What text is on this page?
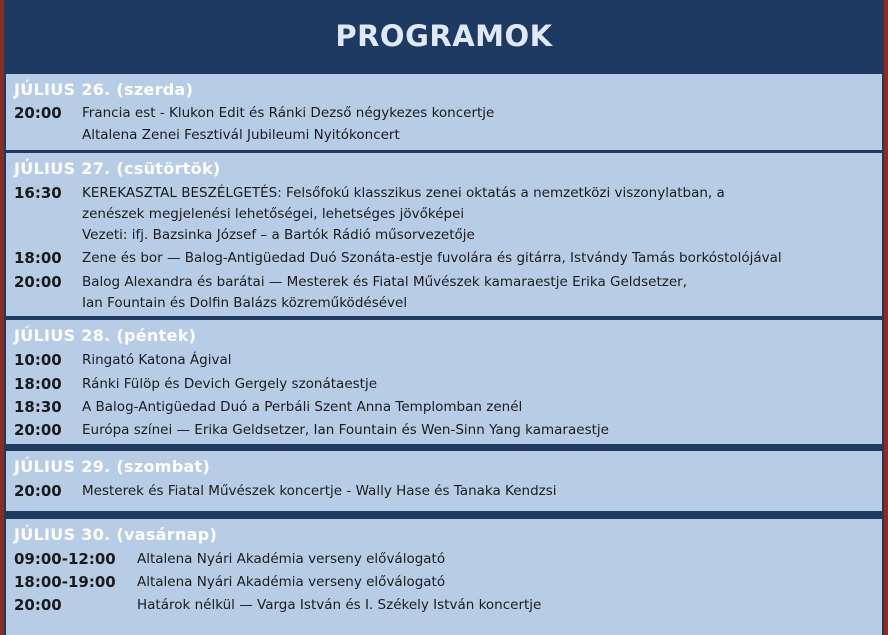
PROGRAMOK
JÚLIUS 26. (szerda)
20:00 Francia est - Klukon Edit és Ránki Dezső négykezes koncertje
Altalena Zenei Fesztivál Jubileumi Nyitókoncert
JÚLIUS 27. (csütörtök)
16:30 KEREKASZTAL BESZÉLGETÉS: Felsőfokú klasszikus zenei oktatás a nemzetközi viszonylatban, a
zenészek megjelenési lehetőségei, lehetséges jövőképei
Vezeti: ifj. Bazsinka József – a Bartók Rádió műsorvezetője
18:00 Zene és bor — Balog-Antigüedad Duó Szonáta-estje fuvolára és gitárra, Istvándy Tamás borkóstolójával
20:00 Balog Alexandra és barátai — Mesterek és Fiatal Művészek kamaraestje Erika Geldsetzer,
Ian Fountain és Dolfin Balázs közreműködésével
JÚLIUS 28. (péntek)
10:00 Ringató Katona Ágival
18:00 Ránki Fülöp és Devich Gergely szonátaestje
18:30 A Balog-Antigüedad Duó a Perbáli Szent Anna Templomban zenél
20:00 Európa színei — Erika Geldsetzer, Ian Fountain és Wen-Sinn Yang kamaraestje
JÚLIUS 29. (szombat)
20:00 Mesterek és Fiatal Művészek koncertje - Wally Hase és Tanaka Kendzsi
JÚLIUS 30. (vasárnap)
09:00-12:00 Altalena Nyári Akadémia verseny előválogató
18:00-19:00 Altalena Nyári Akadémia verseny előválogató
20:00	Határok nélkül — Varga István és I. Székely István koncertje
